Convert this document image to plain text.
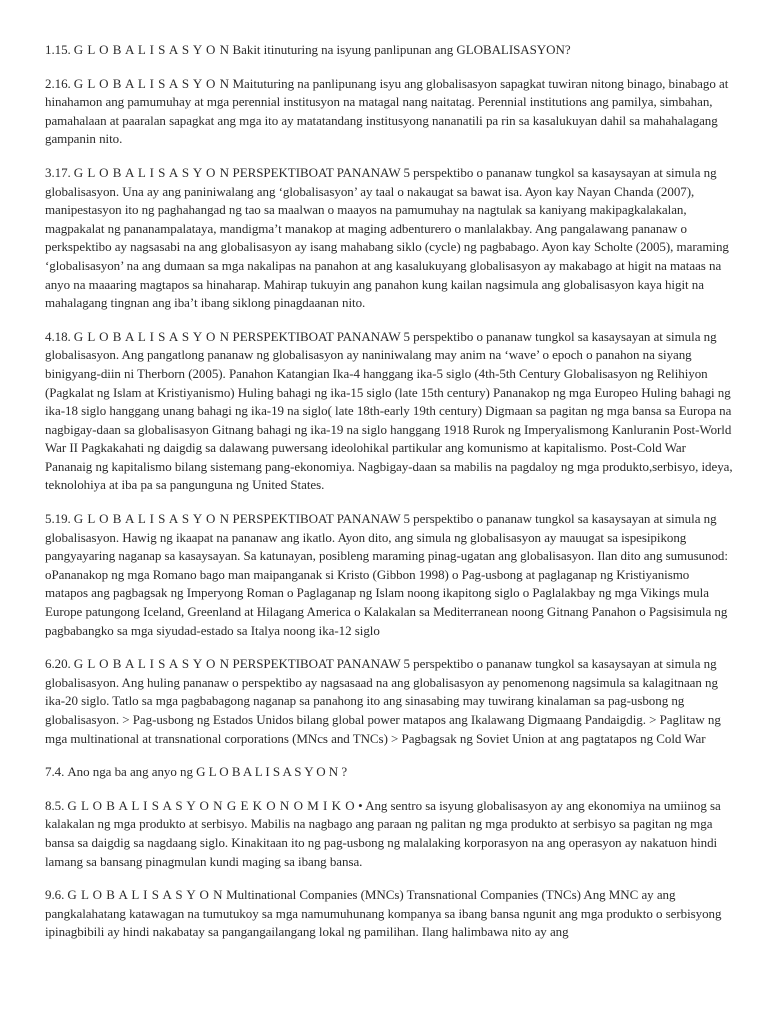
1.15. G L O B A L I S A S Y O N Bakit itinuturing na isyung panlipunan ang GLOBALISASYON?

2.16. G L O B A L I S A S Y O N Maituturing na panlipunang isyu ang globalisasyon sapagkat tuwiran nitong binago, binabago at hinahamon ang pamumuhay at mga perennial institusyon na matagal nang naitatag. Perennial institutions ang pamilya, simbahan, pamahalaan at paaralan sapagkat ang mga ito ay matatandang institusyong nananatili pa rin sa kasalukuyan dahil sa mahahalagang gampanin nito.

3.17. G L O B A L I S A S Y O N PERSPEKTIBOAT PANANAW 5 perspektibo o pananaw tungkol sa kasaysayan at simula ng globalisasyon. Una ay ang paniniwalang ang ‘globalisasyon’ ay taal o nakaugat sa bawat isa. Ayon kay Nayan Chanda (2007), manipestasyon ito ng paghahangad ng tao sa maalwan o maayos na pamumuhay na nagtulak sa kaniyang makipagkalakalan, magpakalat ng pananampalataya, mandigma’t manakop at maging adbenturero o manlalakbay. Ang pangalawang pananaw o perkspektibo ay nagsasabi na ang globalisasyon ay isang mahabang siklo (cycle) ng pagbabago. Ayon kay Scholte (2005), maraming ‘globalisasyon’ na ang dumaan sa mga nakalipas na panahon at ang kasalukuyang globalisasyon ay makabago at higit na mataas na anyo na maaaring magtapos sa hinaharap. Mahirap tukuyin ang panahon kung kailan nagsimula ang globalisasyon kaya higit na mahalagang tingnan ang iba’t ibang siklong pinagdaanan nito.

4.18. G L O B A L I S A S Y O N PERSPEKTIBOAT PANANAW 5 perspektibo o pananaw tungkol sa kasaysayan at simula ng globalisasyon. Ang pangatlong pananaw ng globalisasyon ay naniniwalang may anim na ‘wave’ o epoch o panahon na siyang binigyang-diin ni Therborn (2005). Panahon Katangian Ika-4 hanggang ika-5 siglo (4th-5th Century Globalisasyon ng Relihiyon (Pagkalat ng Islam at Kristiyanismo) Huling bahagi ng ika-15 siglo (late 15th century) Pananakop ng mga Europeo Huling bahagi ng ika-18 siglo hanggang unang bahagi ng ika-19 na siglo( late 18th-early 19th century) Digmaan sa pagitan ng mga bansa sa Europa na nagbigay-daan sa globalisasyon Gitnang bahagi ng ika-19 na siglo hanggang 1918 Rurok ng Imperyalismong Kanluranin Post-World War II Pagkakahati ng daigdig sa dalawang puwersang ideolohikal partikular ang komunismo at kapitalismo. Post-Cold War Pananaig ng kapitalismo bilang sistemang pang-ekonomiya. Nagbigay-daan sa mabilis na pagdaloy ng mga produkto,serbisyo, ideya, teknolohiya at iba pa sa pangunguna ng United States.

5.19. G L O B A L I S A S Y O N PERSPEKTIBOAT PANANAW 5 perspektibo o pananaw tungkol sa kasaysayan at simula ng globalisasyon. Hawig ng ikaapat na pananaw ang ikatlo. Ayon dito, ang simula ng globalisasyon ay mauugat sa ispesipikong pangyayaring naganap sa kasaysayan. Sa katunayan, posibleng maraming pinag-ugatan ang globalisasyon. Ilan dito ang sumusunod: oPananakop ng mga Romano bago man maipanganak si Kristo (Gibbon 1998) o Pag-usbong at paglaganap ng Kristiyanismo matapos ang pagbagsak ng Imperyong Roman o Paglaganap ng Islam noong ikapitong siglo o Paglalakbay ng mga Vikings mula Europe patungong Iceland, Greenland at Hilagang America o Kalakalan sa Mediterranean noong Gitnang Panahon o Pagsisimula ng pagbabangko sa mga siyudad-estado sa Italya noong ika-12 siglo

6.20. G L O B A L I S A S Y O N PERSPEKTIBOAT PANANAW 5 perspektibo o pananaw tungkol sa kasaysayan at simula ng globalisasyon. Ang huling pananaw o perspektibo ay nagsasaad na ang globalisasyon ay penomenong nagsimula sa kalagitnaan ng ika-20 siglo. Tatlo sa mga pagbabagong naganap sa panahong ito ang sinasabing may tuwirang kinalaman sa pag-usbong ng globalisasyon. > Pag-usbong ng Estados Unidos bilang global power matapos ang Ikalawang Digmaang Pandaigdig. > Paglitaw ng mga multinational at transnational corporations (MNcs and TNCs) > Pagbagsak ng Soviet Union at ang pagtatapos ng Cold War

7.4. Ano nga ba ang anyo ng G L O B A L I S A S Y O N ?

8.5. G L O B A L I S A S Y O N G E K O N O M I K O • Ang sentro sa isyung globalisasyon ay ang ekonomiya na umiinog sa kalakalan ng mga produkto at serbisyo. Mabilis na nagbago ang paraan ng palitan ng mga produkto at serbisyo sa pagitan ng mga bansa sa daigdig sa nagdaang siglo. Kinakitaan ito ng pag-usbong ng malalaking korporasyon na ang operasyon ay nakatuon hindi lamang sa bansang pinagmulan kundi maging sa ibang bansa.

9.6. G L O B A L I S A S Y O N Multinational Companies (MNCs) Transnational Companies (TNCs) Ang MNC ay ang pangkalahatang katawagan na tumutukoy sa mga namumuhunang kompanya sa ibang bansa ngunit ang mga produkto o serbisyong ipinagbibili ay hindi nakabatay sa pangangailangang lokal ng pamilihan. Ilang halimbawa nito ay ang
